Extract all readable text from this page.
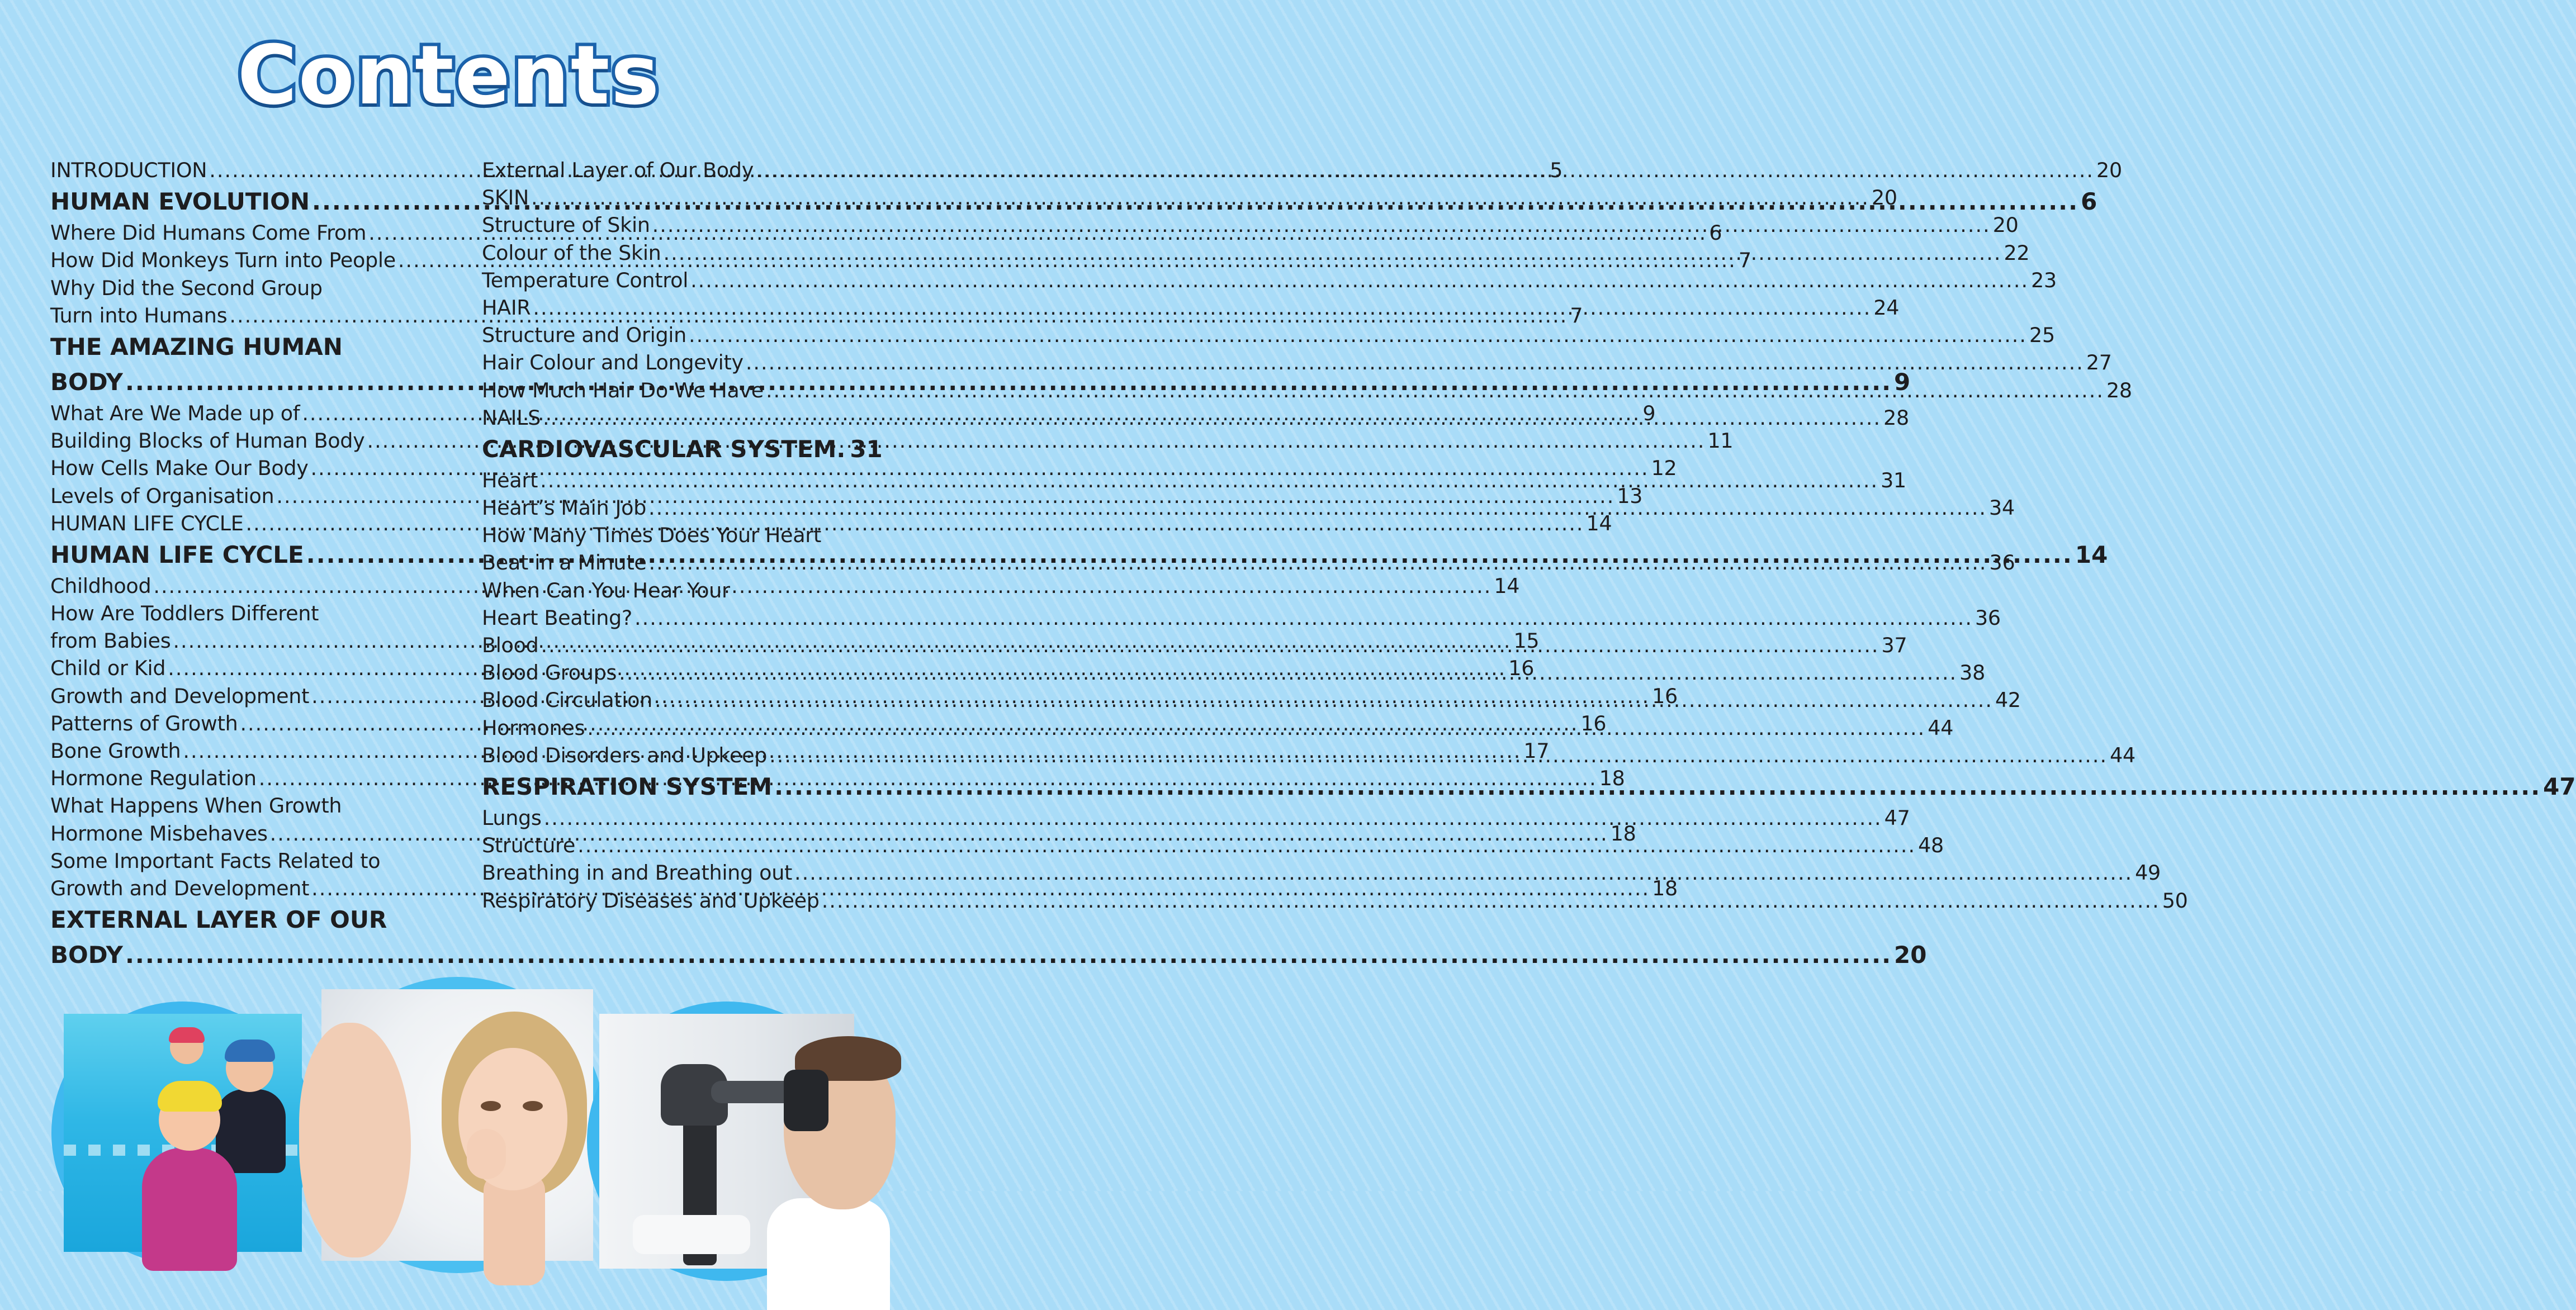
Contents
INTRODUCTION .....	5
HUMAN EVOLUTION .....	6
Where Did Humans Come From .....	6
How Did Monkeys Turn into People .....	7
Why Did the Second Group
Turn into Humans .....	7
THE AMAZING HUMAN
BODY .....	9
What Are We Made up of .....	9
Building Blocks of Human Body .....	11
How Cells Make Our Body .....	12
Levels of Organisation .....	13
HUMAN LIFE CYCLE .....	14
HUMAN LIFE CYCLE .....	14
Childhood .....	14
How Are Toddlers Different
from Babies .....	15
Child or Kid .....	16
Growth and Development .....	16
Patterns of Growth .....	16
Bone Growth .....	17
Hormone Regulation .....	18
What Happens When Growth
Hormone Misbehaves .....	18
Some Important Facts Related to
Growth and Development .....	18
EXTERNAL LAYER OF OUR
BODY .....	20
External Layer of Our Body .....	20
SKIN .....	20
Structure of Skin .....	20
Colour of the Skin .....	22
Temperature Control .....	23
HAIR .....	24
Structure and Origin .....	25
Hair Colour and Longevity .....	27
How Much Hair Do We Have .....	28
NAILS .....	28
CARDIOVASCULAR SYSTEM. 31
Heart .....	31
Heart’s Main Job .....	34
How Many Times Does Your Heart
Beat in a Minute .....	36
When Can You Hear Your
Heart Beating? .....	36
Blood .....	37
Blood Groups .....	38
Blood Circulation .....	42
Hormones .....	44
Blood Disorders and Upkeep .....	44
RESPIRATION SYSTEM .....	47
Lungs .....	47
Structure .....	48
Breathing in and Breathing out .....	49
Respiratory Diseases and Upkeep .....	50
